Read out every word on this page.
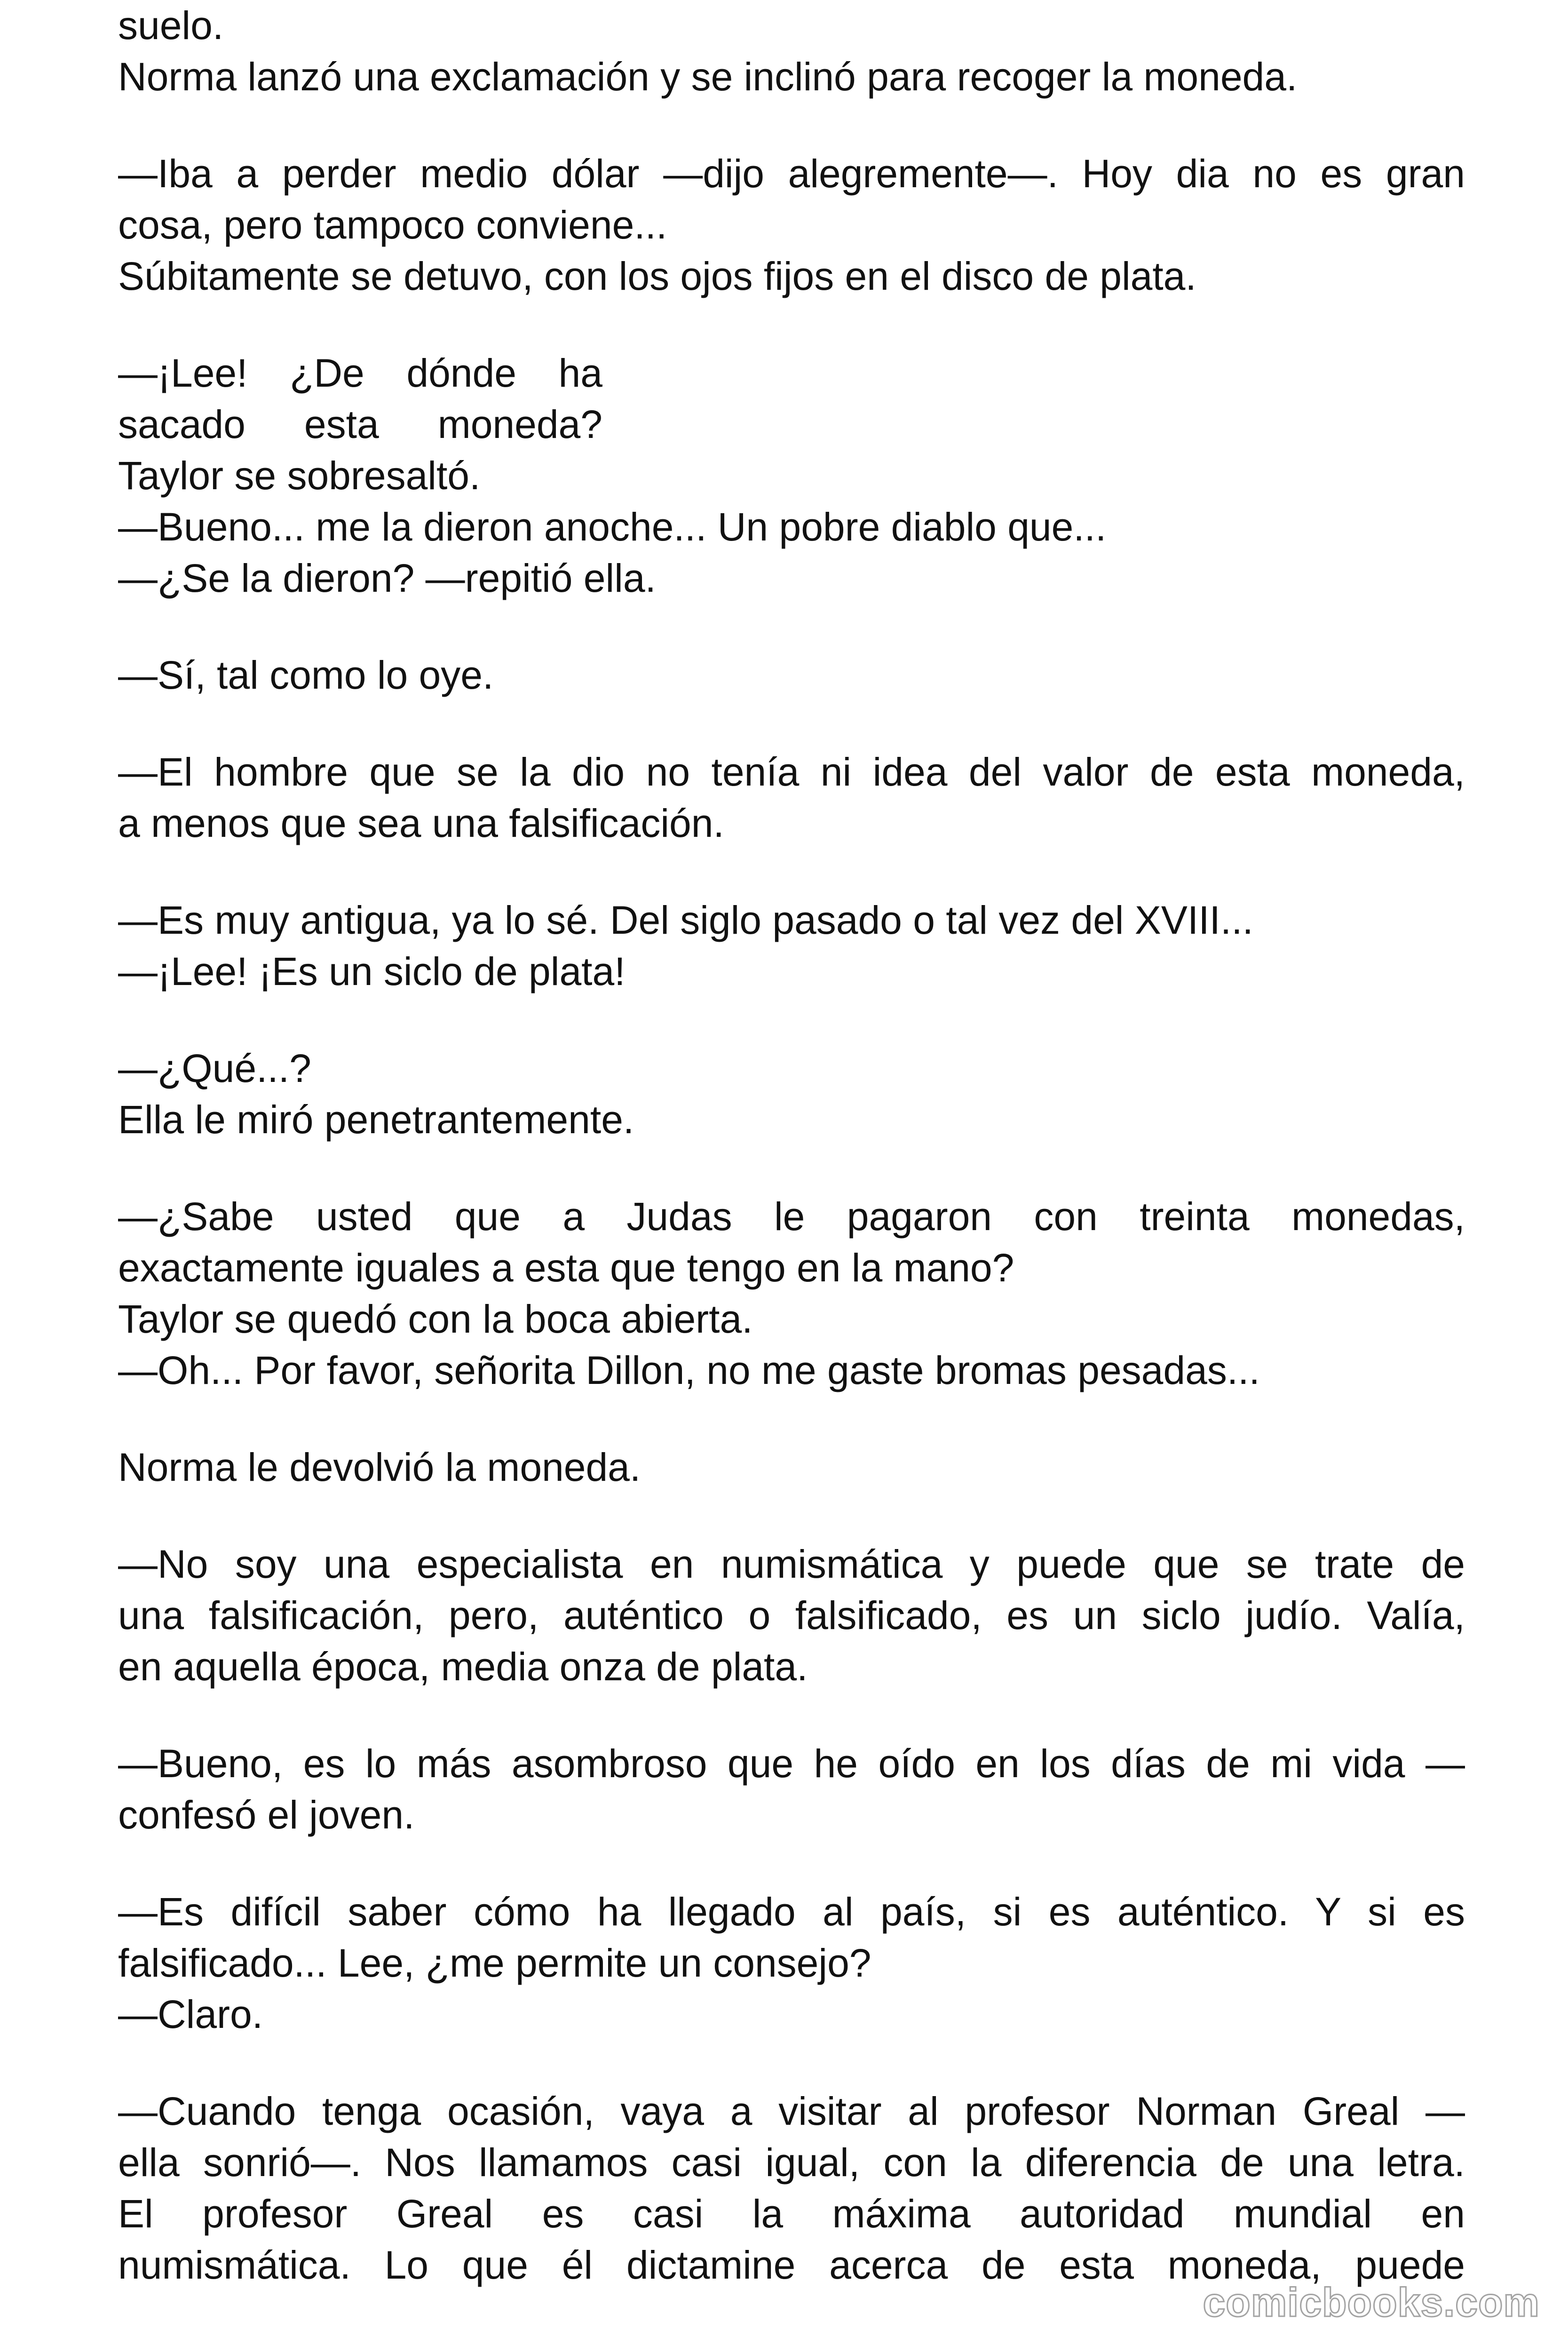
suelo.
Norma lanzó una exclamación y se inclinó para recoger la moneda.
—Iba a perder medio dólar —dijo alegremente—. Hoy dia no es gran
cosa, pero tampoco conviene...
Súbitamente se detuvo, con los ojos fijos en el disco de plata.
—¡Lee! ¿De dónde ha
sacado esta moneda?
Taylor se sobresaltó.
—Bueno... me la dieron anoche... Un pobre diablo que...
—¿Se la dieron? —repitió ella.
—Sí, tal como lo oye.
—El hombre que se la dio no tenía ni idea del valor de esta moneda,
a menos que sea una falsificación.
—Es muy antigua, ya lo sé. Del siglo pasado o tal vez del XVIII...
—¡Lee! ¡Es un siclo de plata!
—¿Qué...?
Ella le miró penetrantemente.
—¿Sabe usted que a Judas le pagaron con treinta monedas,
exactamente iguales a esta que tengo en la mano?
Taylor se quedó con la boca abierta.
—Oh... Por favor, señorita Dillon, no me gaste bromas pesadas...
Norma le devolvió la moneda.
—No soy una especialista en numismática y puede que se trate de
una falsificación, pero, auténtico o falsificado, es un siclo judío. Valía,
en aquella época, media onza de plata.
—Bueno, es lo más asombroso que he oído en los días de mi vida —
confesó el joven.
—Es difícil saber cómo ha llegado al país, si es auténtico. Y si es
falsificado... Lee, ¿me permite un consejo?
—Claro.
—Cuando tenga ocasión, vaya a visitar al profesor Norman Greal —
ella sonrió—. Nos llamamos casi igual, con la diferencia de una letra.
El profesor Greal es casi la máxima autoridad mundial en
numismática. Lo que él dictamine acerca de esta moneda, puede
comicbooks.com
